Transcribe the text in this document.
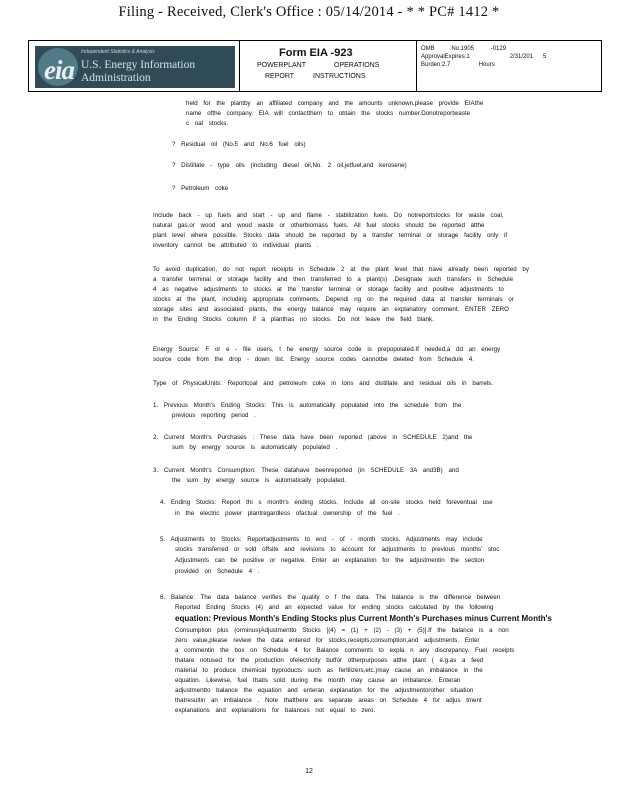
Filing - Received, Clerk's Office : 05/14/2014 - * * PC# 1412 *
eia
Independent Statistics & Analysis
U.S. Energy Information
Administration
Form EIA -923
POWERPLANT	OPERATIONS
REPORT	INSTRUCTIONS
OMB          No.1905          -0129
ApprovalExpires:1                        2/31/201      5
Burden:2.7                 Hours
held for the plantby an affiliated company and the amounts unknown,please provide EIAthe
name ofthe company. EIA will contactthem to obtain the stocks number.Donotreportwaste
c oal stocks.
? Residual oil (No.5 and No.6 fuel oils)
? Distillate - type oils (including diesel oil,No. 2 oil,jetfuel,and kerosene)
? Petroleum coke
Include back - up fuels and start - up and flame - stabilization fuels. Do notreportstocks for waste coal,
natural gas,or wood and wood waste or otherbiomass fuels. All fuel stocks should be reported atthe
plant level where possible. Stocks data should be reported by a transfer terminal or storage facility only if
inventory cannot be attributed to individual plants .
To avoid duplication, do not report receipts in Schedule 2 at the plant level that have already been reported by
a transfer terminal or storage facility and then transferred to a plant(s) .Designate such transfers in Schedule
4 as negative adjustments to stocks at the transfer terminal or storage facility and positive adjustments to
stocks at the plant, including appropriate comments. Dependi ng on the required data at transfer terminals or
storage sites and associated plants, the energy balance may require an explanatory comment. ENTER ZERO
in the Ending Stocks column if a planthas no stocks. Do not leave the field blank.
Energy Source: F or e - file users, t he energy source code is prepopulated.If needed,a dd an energy
source code from the drop - down list. Energy source codes cannotbe deleted from Schedule 4.
Type of PhysicalUnits: Reportcoal and petroleum coke in tons and distillate and residual oils in barrels.
1. Previous Month's Ending Stocks: This is automatically populated into the schedule from the
previous reporting period .
2. Current Month's Purchases : These data have been reported (above in SCHEDULE 2)and the
sum by energy source is automatically populated .
3. Current Month's Consumption: These datahave beenreported (in SCHEDULE 3A and3B) and
the sum by energy source is automatically populated.
4. Ending Stocks: Report thi s month's ending stocks. Include all on-site stocks held foreventual use
in the electric power plantregardless ofactual ownership of the fuel .
5. Adjustments to Stocks: Reportadjustments to end - of - month stocks. Adjustments may include
stocks transferred or sold offsite and revisions to account for adjustments to previous months' stoc
Adjustments can be positive or negative. Enter an explanation for the adjustmentin the section
provided on Schedule 4 .
6. Balance: The data balance verifies the quality o f the data. The balance is the difference between
Reported Ending Stocks (4) and an expected value for ending stocks calculated by the following
equation: Previous Month's Ending Stocks plus Current Month's Purchases minus Current Month's
Consumption plus (orminus)Adjustmentto Stocks [(4) = (1) + (2) - (3) + (5)].If the balance is a non
zero value,please review the data entered for stocks,receipts,consumption,and adjustments. Enter
a commentin the box on Schedule 4 for Balance comments to expla n any discrepancy. Fuel receipts
thatare notused for the production ofelectricity butfor otherpurposes atthe plant ( e.g.as a feed
material to produce chemical byproducts such as fertilizers,etc.)may cause an imbalance in the
equation. Likewise, fuel thatis sold during the month may cause an imbalance. Enteran
adjustmentto balance the equation and enteran explanation for the adjustmentorother situation
thatresultin an imbalance . Note thatthere are separate areas on Schedule 4 for adjus tment
explanations and explanations for balances not equal to zero.
12
